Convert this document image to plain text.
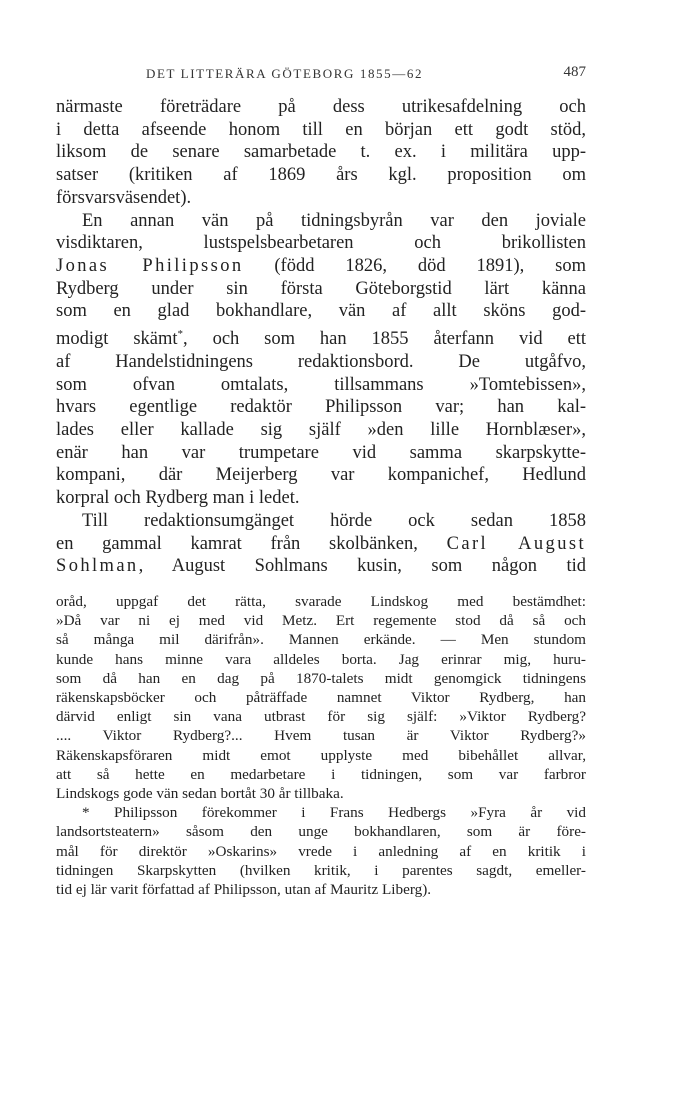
DET LITTERÄRA GÖTEBORG 1855—62	487

närmaste företrädare på dess utrikesafdelning och
i detta afseende honom till en början ett godt stöd,
liksom de senare samarbetade t. ex. i militära upp-
satser (kritiken af 1869 års kgl. proposition om
försvarsväsendet).

En annan vän på tidningsbyrån var den joviale
visdiktaren, lustspelsbearbetaren och brikollisten
Jonas Philipsson (född 1826, död 1891), som
Rydberg under sin första Göteborgstid lärt känna
som en glad bokhandlare, vän af allt sköns god-
modigt skämt*, och som han 1855 återfann vid ett
af Handelstidningens redaktionsbord. De utgåfvo,
som ofvan omtalats, tillsammans »Tomtebissen»,
hvars egentlige redaktör Philipsson var; han kal-
lades eller kallade sig själf »den lille Hornblæser»,
enär han var trumpetare vid samma skarpskytte-
kompani, där Meijerberg var kompanichef, Hedlund
korpral och Rydberg man i ledet.

Till redaktionsumgänget hörde ock sedan 1858
en gammal kamrat från skolbänken, Carl August
Sohlman, August Sohlmans kusin, som någon tid

oråd, uppgaf det rätta, svarade Lindskog med bestämdhet:
»Då var ni ej med vid Metz. Ert regemente stod då så och
så många mil därifrån». Mannen erkände. — Men stundom
kunde hans minne vara alldeles borta. Jag erinrar mig, huru-
som då han en dag på 1870-talets midt genomgick tidningens
räkenskapsböcker och påträffade namnet Viktor Rydberg, han
därvid enligt sin vana utbrast för sig själf: »Viktor Rydberg?
.... Viktor Rydberg?... Hvem tusan är Viktor Rydberg?»
Räkenskapsföraren midt emot upplyste med bibehållet allvar,
att så hette en medarbetare i tidningen, som var farbror
Lindskogs gode vän sedan bortåt 30 år tillbaka.
* Philipsson förekommer i Frans Hedbergs »Fyra år vid
landsortsteatern» såsom den unge bokhandlaren, som är före-
mål för direktör »Oskarins» vrede i anledning af en kritik i
tidningen Skarpskytten (hvilken kritik, i parentes sagdt, emeller-
tid ej lär varit författad af Philipsson, utan af Mauritz Liberg).
